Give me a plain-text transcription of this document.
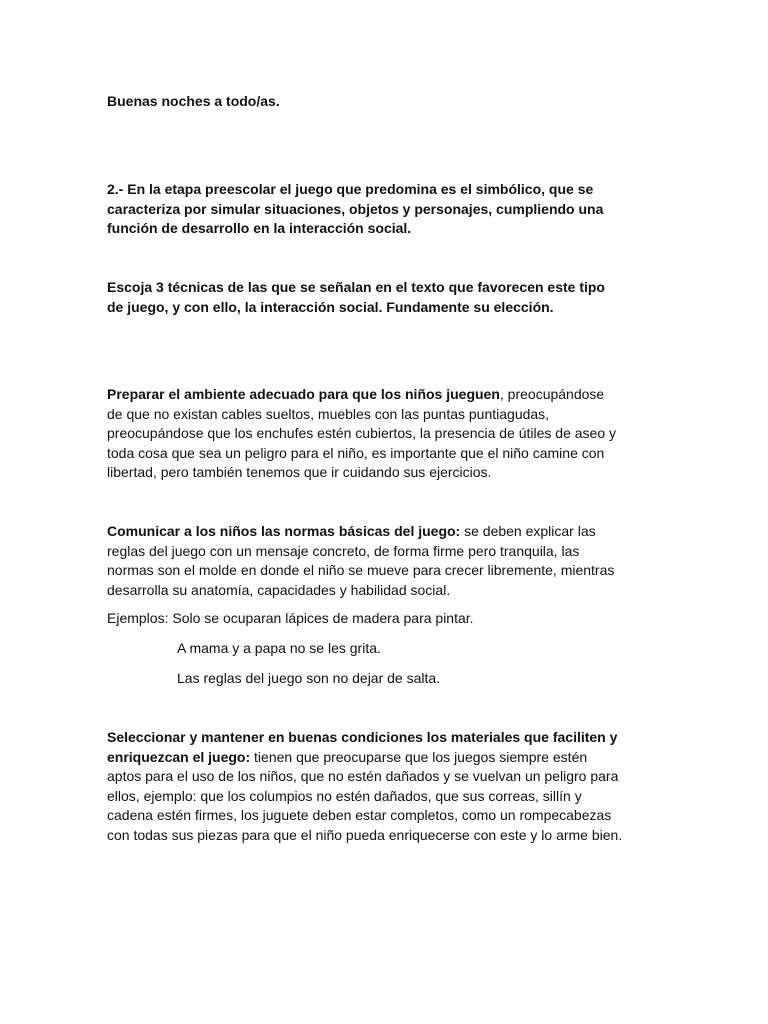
Buenas noches a todo/as.

2.- En la etapa preescolar el juego que predomina es el simbólico, que se
caracteriza por simular situaciones, objetos y personajes, cumpliendo una
función de desarrollo en la interacción social.

Escoja 3 técnicas de las que se señalan en el texto que favorecen este tipo
de juego, y con ello, la interacción social. Fundamente su elección.

Preparar el ambiente adecuado para que los niños jueguen, preocupándose
de que no existan cables sueltos, muebles con las puntas puntiagudas,
preocupándose que los enchufes estén cubiertos, la presencia de útiles de aseo y
toda cosa que sea un peligro para el niño, es importante que el niño camine con
libertad, pero también tenemos que ir cuidando sus ejercicios.

Comunicar a los niños las normas básicas del juego: se deben explicar las
reglas del juego con un mensaje concreto, de forma firme pero tranquila, las
normas son el molde en donde el niño se mueve para crecer libremente, mientras
desarrolla su anatomía, capacidades y habilidad social.

Ejemplos: Solo se ocuparan lápices de madera para pintar.

A mama y a papa no se les grita.

Las reglas del juego son no dejar de salta.

Seleccionar y mantener en buenas condiciones los materiales que faciliten y
enriquezcan el juego: tienen que preocuparse que los juegos siempre estén
aptos para el uso de los niños, que no estén dañados y se vuelvan un peligro para
ellos, ejemplo: que los columpios no estén dañados, que sus correas, sillín y
cadena estén firmes, los juguete deben estar completos, como un rompecabezas
con todas sus piezas para que el niño pueda enriquecerse con este y lo arme bien.
